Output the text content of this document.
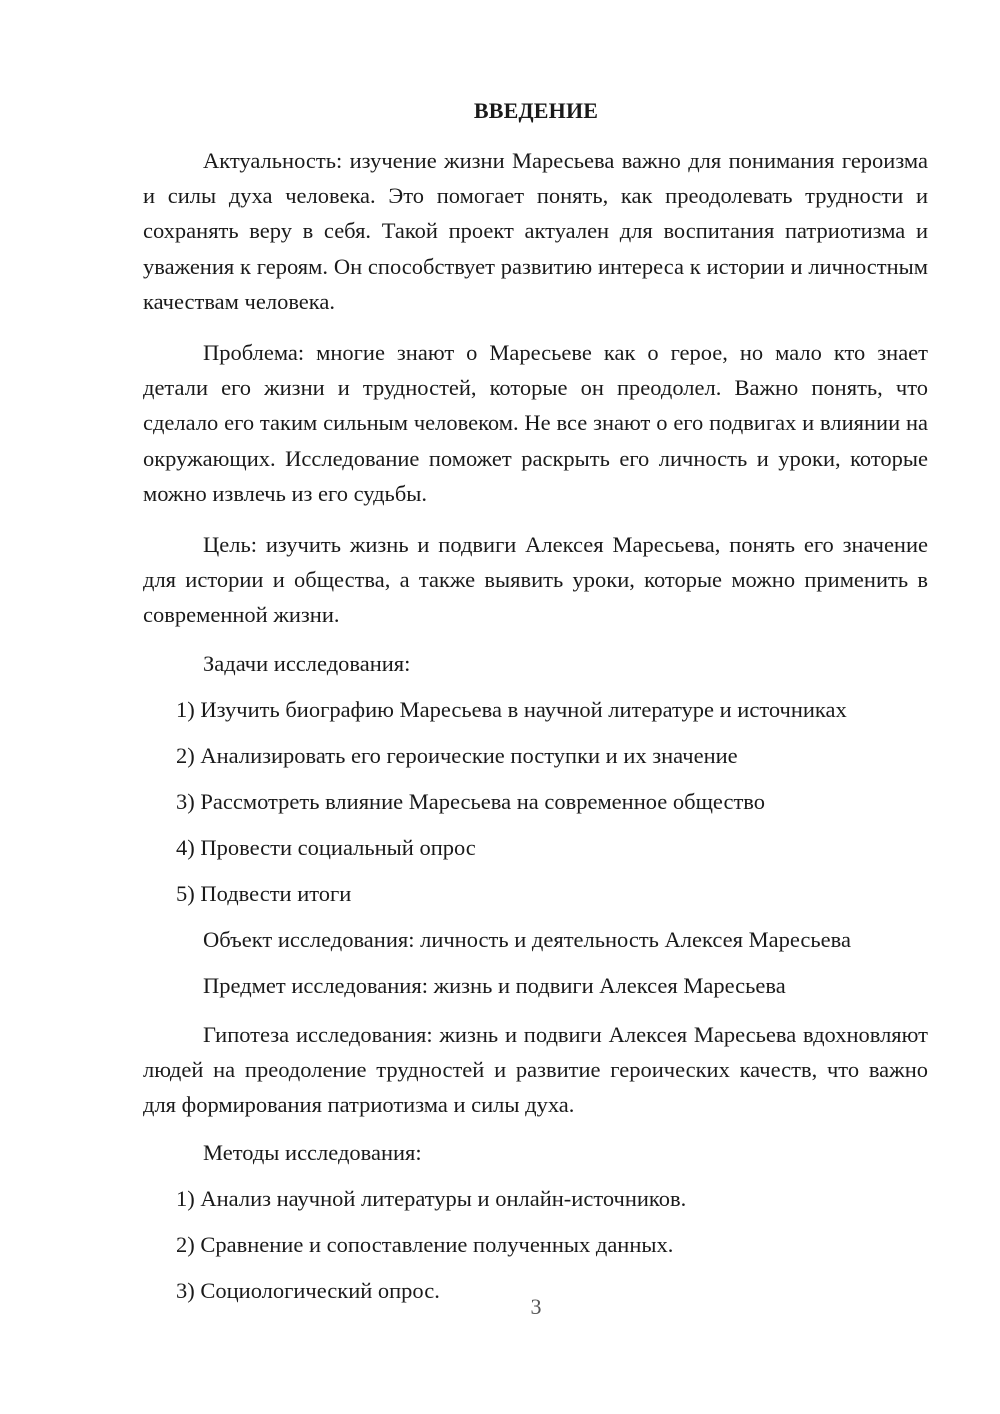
ВВЕДЕНИЕ

Актуальность: изучение жизни Маресьева важно для понимания героизма и силы духа человека. Это помогает понять, как преодолевать трудности и сохранять веру в себя. Такой проект актуален для воспитания патриотизма и уважения к героям. Он способствует развитию интереса к истории и личностным качествам человека.

Проблема: многие знают о Маресьеве как о герое, но мало кто знает детали его жизни и трудностей, которые он преодолел. Важно понять, что сделало его таким сильным человеком. Не все знают о его подвигах и влиянии на окружающих. Исследование поможет раскрыть его личность и уроки, которые можно извлечь из его судьбы.

Цель: изучить жизнь и подвиги Алексея Маресьева, понять его значение для истории и общества, а также выявить уроки, которые можно применить в современной жизни.

Задачи исследования:
1) Изучить биографию Маресьева в научной литературе и источниках
2) Анализировать его героические поступки и их значение
3) Рассмотреть влияние Маресьева на современное общество
4) Провести социальный опрос
5) Подвести итоги
Объект исследования: личность и деятельность Алексея Маресьева
Предмет исследования: жизнь и подвиги Алексея Маресьева

Гипотеза исследования: жизнь и подвиги Алексея Маресьева вдохновляют людей на преодоление трудностей и развитие героических качеств, что важно для формирования патриотизма и силы духа.

Методы исследования:
1) Анализ научной литературы и онлайн-источников.
2) Сравнение и сопоставление полученных данных.
3) Социологический опрос.
3
